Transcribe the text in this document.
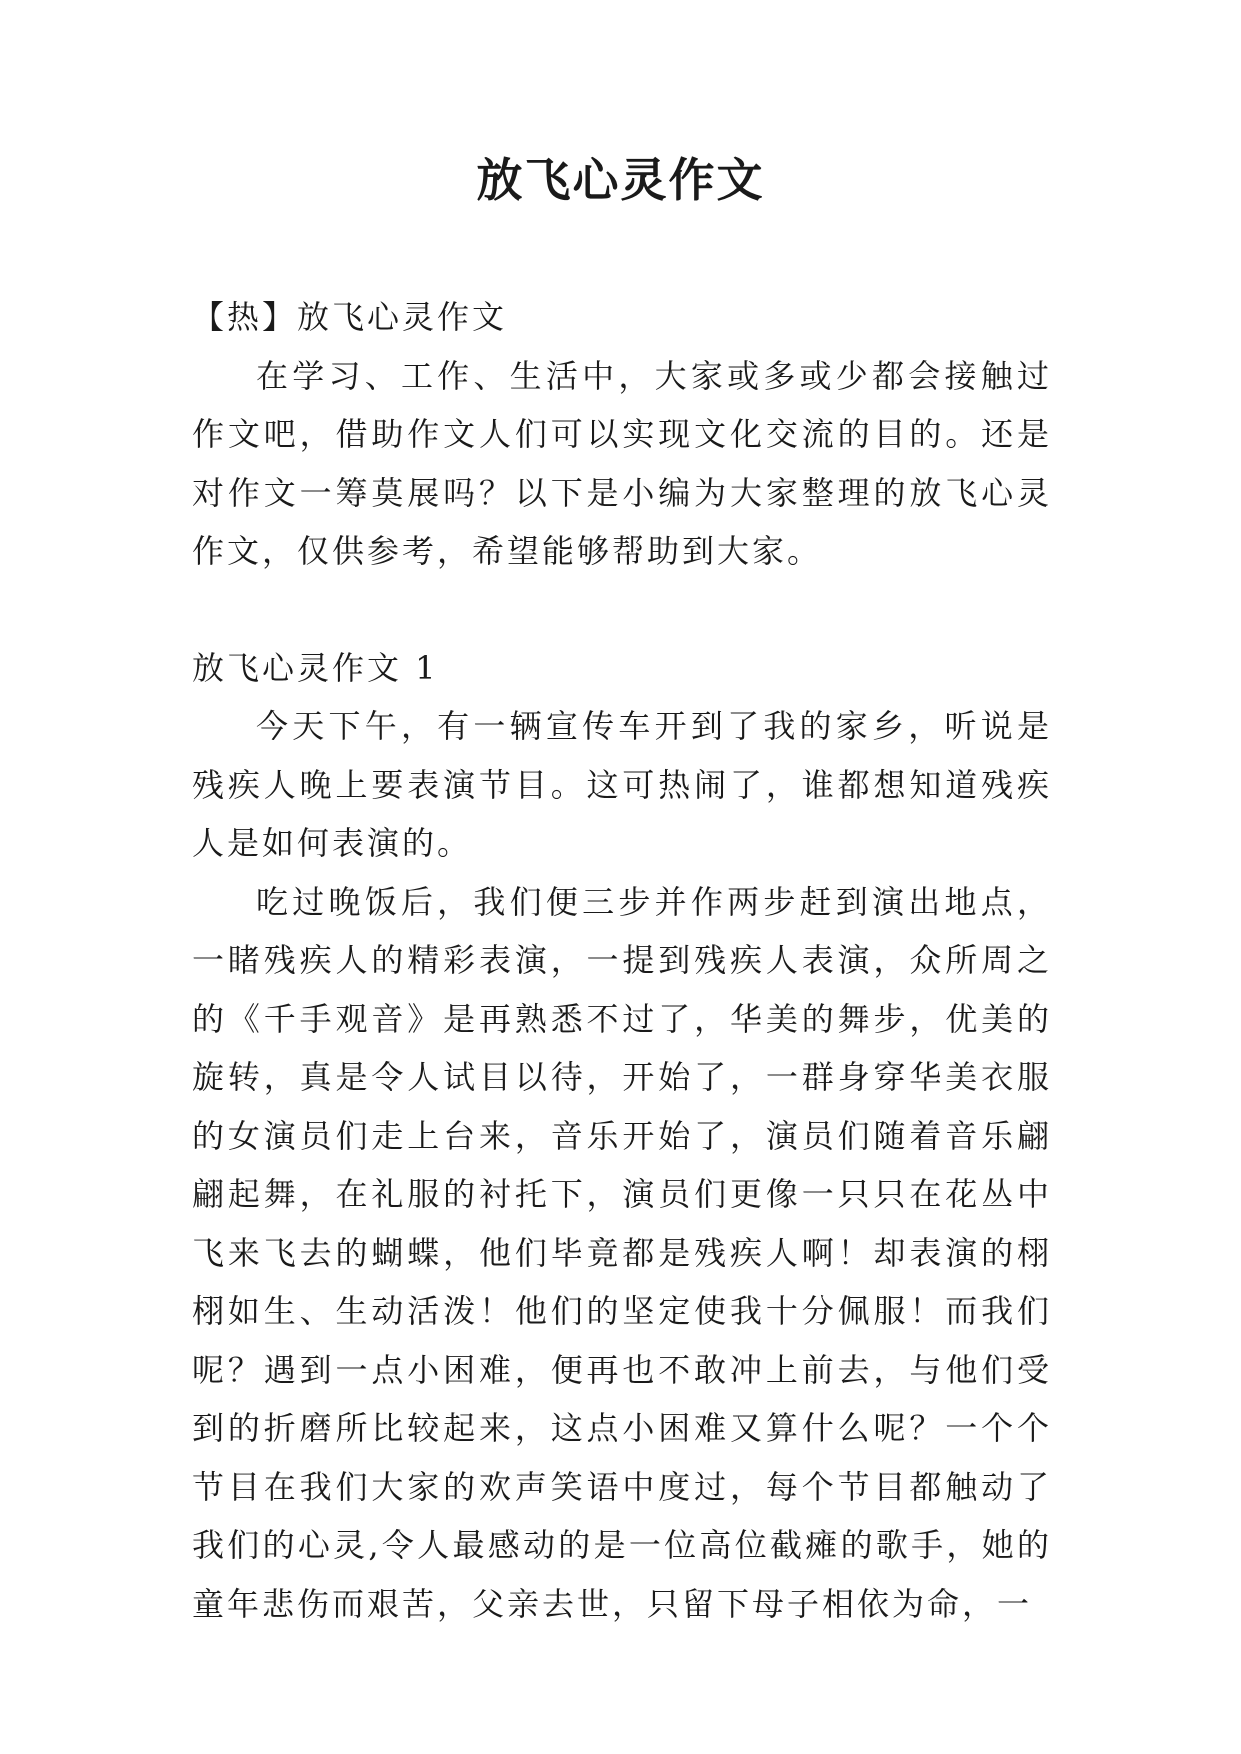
放飞心灵作文

【热】放飞心灵作文

在学习、工作、生活中，大家或多或少都会接触过作文吧，借助作文人们可以实现文化交流的目的。还是对作文一筹莫展吗？以下是小编为大家整理的放飞心灵作文，仅供参考，希望能够帮助到大家。

放飞心灵作文 1

今天下午，有一辆宣传车开到了我的家乡，听说是残疾人晚上要表演节目。这可热闹了，谁都想知道残疾人是如何表演的。

吃过晚饭后，我们便三步并作两步赶到演出地点，一睹残疾人的精彩表演，一提到残疾人表演，众所周之的《千手观音》是再熟悉不过了，华美的舞步，优美的旋转，真是令人试目以待，开始了，一群身穿华美衣服的女演员们走上台来，音乐开始了，演员们随着音乐翩翩起舞，在礼服的衬托下，演员们更像一只只在花丛中飞来飞去的蝴蝶，他们毕竟都是残疾人啊！却表演的栩栩如生、生动活泼！他们的坚定使我十分佩服！而我们呢？遇到一点小困难，便再也不敢冲上前去，与他们受到的折磨所比较起来，这点小困难又算什么呢？一个个节目在我们大家的欢声笑语中度过，每个节目都触动了我们的心灵,令人最感动的是一位高位截瘫的歌手，她的童年悲伤而艰苦，父亲去世，只留下母子相依为命，一
